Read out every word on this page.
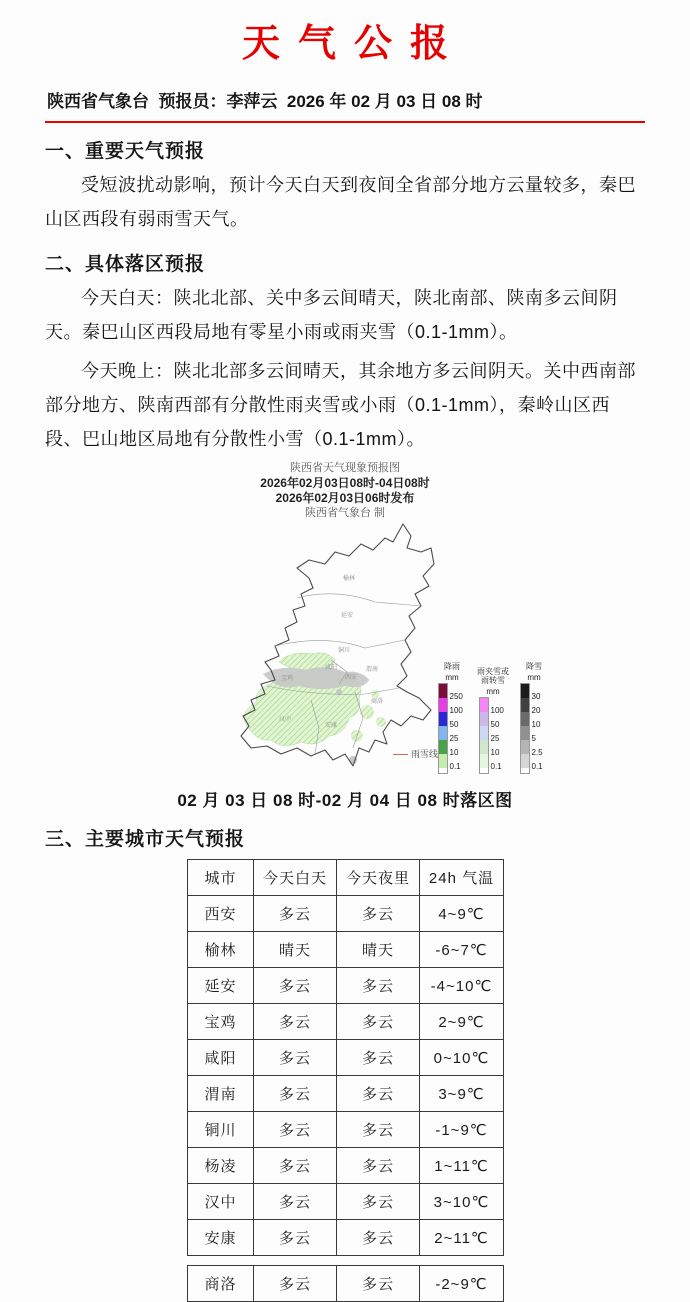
天气公报
陕西省气象台  预报员：李萍云  2026 年 02 月 03 日 08 时
一、重要天气预报

受短波扰动影响，预计今天白天到夜间全省部分地方云量较多，秦巴山区西段有弱雨雪天气。

二、具体落区预报

今天白天：陕北北部、关中多云间晴天，陕北南部、陕南多云间阴天。秦巴山区西段局地有零星小雨或雨夹雪（0.1-1mm）。

今天晚上：陕北北部多云间晴天，其余地方多云间阴天。关中西南部部分地方、陕南西部有分散性雨夹雪或小雨（0.1-1mm），秦岭山区西段、巴山地区局地有分散性小雪（0.1-1mm）。

陕西省天气现象预报图
2026年02月03日08时-04日08时
2026年02月03日06时发布
陕西省气象台 制
榆林
延安
铜川
渭南
咸阳
西安
宝鸡
商洛
汉中
安康
雨雪线
降雨
mm
250
100
50
25
10
0.1
雨夹雪或雨转雪
mm
100
50
25
10
0.1
降雪
mm
30
20
10
5
2.5
0.1
02 月 03 日 08 时-02 月 04 日 08 时落区图
三、主要城市天气预报
城市	今天白天	今天夜里	24h 气温
西安	多云	多云	4~9℃
榆林	晴天	晴天	-6~7℃
延安	多云	多云	-4~10℃
宝鸡	多云	多云	2~9℃
咸阳	多云	多云	0~10℃
渭南	多云	多云	3~9℃
铜川	多云	多云	-1~9℃
杨凌	多云	多云	1~11℃
汉中	多云	多云	3~10℃
安康	多云	多云	2~11℃
商洛	多云	多云	-2~9℃
